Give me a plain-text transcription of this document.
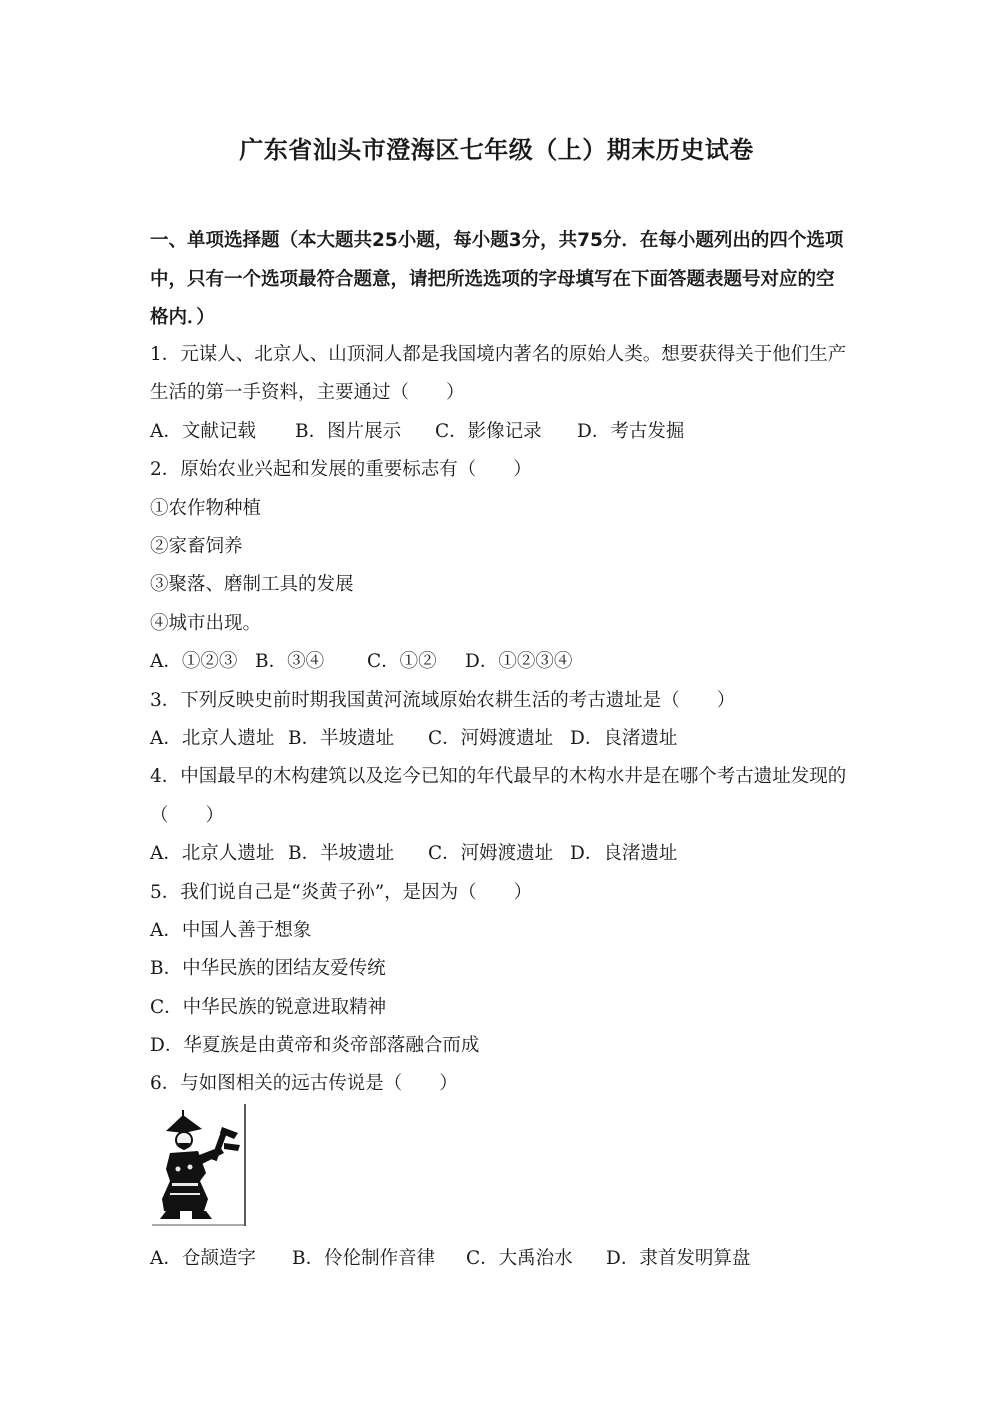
广东省汕头市澄海区七年级（上）期末历史试卷
一、单项选择题（本大题共25小题，每小题3分，共75分．在每小题列出的四个选项中，只有一个选项最符合题意，请把所选选项的字母填写在下面答题表题号对应的空格内．）
1．元谋人、北京人、山顶洞人都是我国境内著名的原始人类。想要获得关于他们生产生活的第一手资料，主要通过（　　）
A．文献记载 B．图片展示 C．影像记录 D．考古发掘
2．原始农业兴起和发展的重要标志有（　　）
①农作物种植
②家畜饲养
③聚落、磨制工具的发展
④城市出现。
A．①②③ B．③④ C．①② D．①②③④
3．下列反映史前时期我国黄河流域原始农耕生活的考古遗址是（　　）
A．北京人遗址 B．半坡遗址 C．河姆渡遗址 D．良渚遗址
4．中国最早的木构建筑以及迄今已知的年代最早的木构水井是在哪个考古遗址发现的（　　）
A．北京人遗址 B．半坡遗址 C．河姆渡遗址 D．良渚遗址
5．我们说自己是“炎黄子孙”，是因为（　　）
A．中国人善于想象
B．中华民族的团结友爱传统
C．中华民族的锐意进取精神
D．华夏族是由黄帝和炎帝部落融合而成
6．与如图相关的远古传说是（　　）
A．仓颉造字 B．伶伦制作音律 C．大禹治水 D．隶首发明算盘
